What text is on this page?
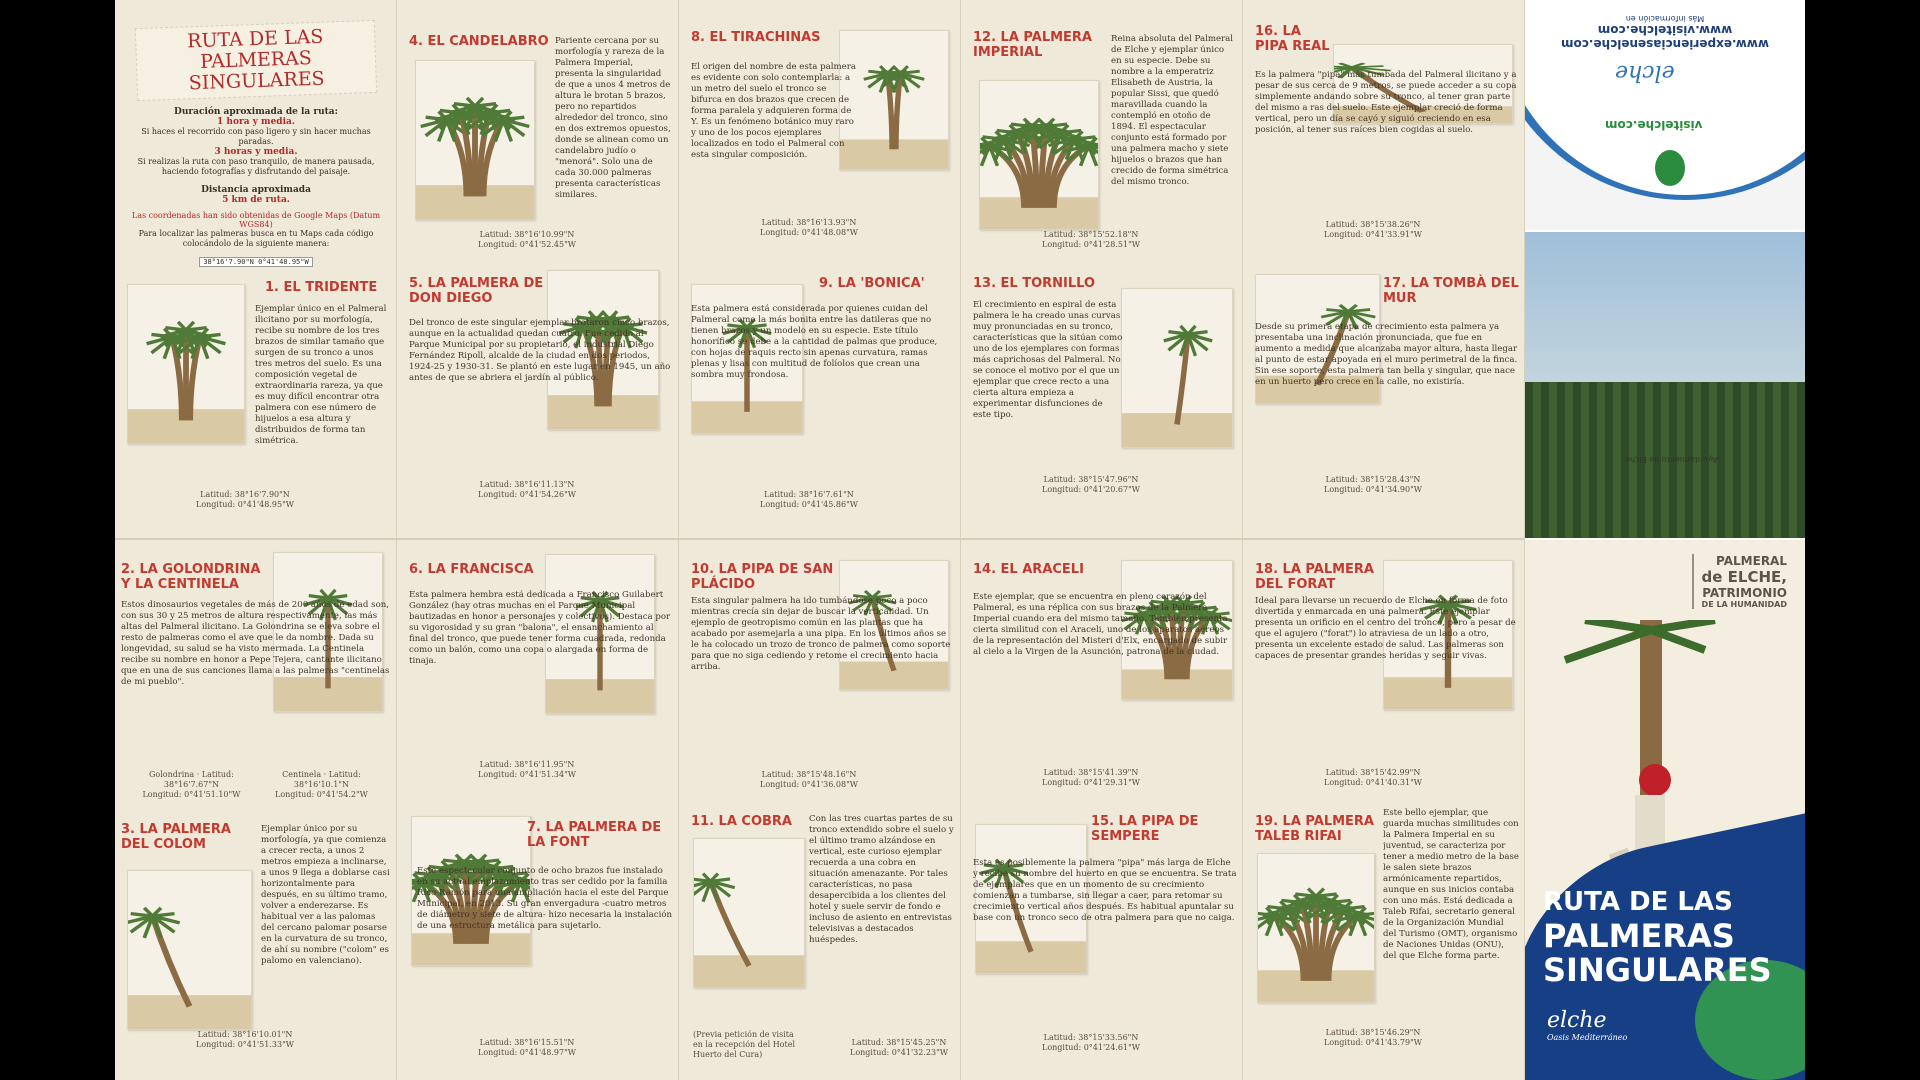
RUTA DE LAS
PALMERAS SINGULARES
Duración aproximada de la ruta:
1 hora y media.
Si haces el recorrido con paso ligero y sin hacer muchas paradas.
3 horas y media.
Si realizas la ruta con paso tranquilo, de manera pausada, haciendo fotografías y disfrutando del paisaje.
Distancia aproximada
5 km de ruta.
Las coordenadas han sido obtenidas de Google Maps (Datum WGS84)
Para localizar las palmeras busca en tu Maps cada código colocándolo de la siguiente manera:
38°16'7.90"N 0°41'48.95"W
1. EL TRIDENTE
Ejemplar único en el Palmeral ilicitano por su morfología, recibe su nombre de los tres brazos de similar tamaño que surgen de su tronco a unos tres metros del suelo. Es una composición vegetal de extraordinaria rareza, ya que es muy difícil encontrar otra palmera con ese número de hijuelos a esa altura y distribuidos de forma tan simétrica.
Latitud: 38°16'7.90"N
Longitud: 0°41'48.95"W
2. LA GOLONDRINA Y LA CENTINELA
Estos dinosaurios vegetales de más de 200 años de edad son, con sus 30 y 25 metros de altura respectivamente, las más altas del Palmeral ilicitano. La Golondrina se eleva sobre el resto de palmeras como el ave que le da nombre. Dada su longevidad, su salud se ha visto mermada. La Centinela recibe su nombre en honor a Pepe Tejera, cantante ilicitano que en una de sus canciones llama a las palmeras "centinelas de mi pueblo".
Golondrina · Latitud: 38°16'7.67"N
Longitud: 0°41'51.10"W
Centinela · Latitud: 38°16'10.1"N
Longitud: 0°41'54.2"W
3. LA PALMERA DEL COLOM
Ejemplar único por su morfología, ya que comienza a crecer recta, a unos 2 metros empieza a inclinarse, a unos 9 llega a doblarse casi horizontalmente para después, en su último tramo, volver a enderezarse. Es habitual ver a las palomas del cercano palomar posarse en la curvatura de su tronco, de ahí su nombre ("colom" es palomo en valenciano).
Latitud: 38°16'10.01"N
Longitud: 0°41'51.33"W
4. EL CANDELABRO Pariente cercana por su morfología y rareza de la Palmera Imperial, presenta la singularidad de que a unos 4 metros de altura le brotan 5 brazos, pero no repartidos alrededor del tronco, sino en dos extremos opuestos, donde se alinean como un candelabro judío o "menorá". Solo una de cada 30.000 palmeras presenta características similares.
Latitud: 38°16'10.99"N
Longitud: 0°41'52.45"W
5. LA PALMERA DE DON DIEGO
Del tronco de este singular ejemplar brotaron cinco brazos, aunque en la actualidad quedan cuatro. Fue cedido al Parque Municipal por su propietario, el industrial Diego Fernández Ripoll, alcalde de la ciudad en dos periodos, 1924-25 y 1930-31. Se plantó en este lugar en 1945, un año antes de que se abriera el jardín al público.
Latitud: 38°16'11.13"N
Longitud: 0°41'54.26"W
6. LA FRANCISCA
Esta palmera hembra está dedicada a Francisco Guilabert González (hay otras muchas en el Parque Municipal bautizadas en honor a personajes y colectivos). Destaca por su vigorosidad y su gran "balona", el ensanchamiento al final del tronco, que puede tener forma cuadrada, redonda como un balón, como una copa o alargada en forma de tinaja.
Latitud: 38°16'11.95"N
Longitud: 0°41'51.34"W
7. LA PALMERA DE LA FONT
Este espectacular conjunto de ocho brazos fue instalado en su actual emplazamiento tras ser cedido por la familia Rico Ramón para una ampliación hacia el este del Parque Municipal, en 2013. Su gran envergadura -cuatro metros de diámetro y siete de altura- hizo necesaria la instalación de una estructura metálica para sujetarlo.
Latitud: 38°16'15.51"N
Longitud: 0°41'48.97"W
8. EL TIRACHINAS
El origen del nombre de esta palmera es evidente con solo contemplarla: a un metro del suelo el tronco se bifurca en dos brazos que crecen de forma paralela y adquieren forma de Y. Es un fenómeno botánico muy raro y uno de los pocos ejemplares localizados en todo el Palmeral con esta singular composición.
Latitud: 38°16'13.93"N
Longitud: 0°41'48.08"W
9. LA 'BONICA'
Esta palmera está considerada por quienes cuidan del Palmeral como la más bonita entre las datileras que no tienen brazos y un modelo en su especie. Este título honorífico se debe a la cantidad de palmas que produce, con hojas de raquis recto sin apenas curvatura, ramas plenas y lisas con multitud de folíolos que crean una sombra muy frondosa.
Latitud: 38°16'7.61"N
Longitud: 0°41'45.86"W
10. LA PIPA DE SAN PLÁCIDO
Esta singular palmera ha ido tumbándose poco a poco mientras crecía sin dejar de buscar la verticalidad. Un ejemplo de geotropismo común en las plantas que ha acabado por asemejarla a una pipa. En los últimos años se le ha colocado un trozo de tronco de palmera como soporte para que no siga cediendo y retome el crecimiento hacia arriba.
Latitud: 38°15'48.16"N
Longitud: 0°41'36.08"W
11. LA COBRA	Con las tres cuartas partes de su tronco extendido sobre el suelo y el último tramo alzándose en vertical, este curioso ejemplar recuerda a una cobra en situación amenazante. Por tales características, no pasa desapercibida a los clientes del hotel y suele servir de fondo e incluso de asiento en entrevistas televisivas a destacados huéspedes.
(Previa petición de visita en la recepción del Hotel Huerto del Cura)
Latitud: 38°15'45.25"N
Longitud: 0°41'32.23"W
12. LA PALMERA IMPERIAL
Reina absoluta del Palmeral de Elche y ejemplar único en su especie. Debe su nombre a la emperatriz Elisabeth de Austria, la popular Sissi, que quedó maravillada cuando la contempló en otoño de 1894. El espectacular conjunto está formado por una palmera macho y siete hijuelos o brazos que han crecido de forma simétrica del mismo tronco.
Latitud: 38°15'52.18"N
Longitud: 0°41'28.51"W
13. EL TORNILLO
El crecimiento en espiral de esta palmera le ha creado unas curvas muy pronunciadas en su tronco, características que la sitúan como uno de los ejemplares con formas más caprichosas del Palmeral. No se conoce el motivo por el que un ejemplar que crece recto a una cierta altura empieza a experimentar disfunciones de este tipo.
Latitud: 38°15'47.96"N
Longitud: 0°41'20.67"W
14. EL ARACELI
Este ejemplar, que se encuentra en pleno corazón del Palmeral, es una réplica con sus brazos de la Palmera Imperial cuando era del mismo tamaño. También presenta cierta similitud con el Araceli, uno de los aparatos aéreos de la representación del Misteri d'Elx, encargado de subir al cielo a la Virgen de la Asunción, patrona de la ciudad.
Latitud: 38°15'41.39"N
Longitud: 0°41'29.31"W
15. LA PIPA DE SEMPERE
Esta es posiblemente la palmera "pipa" más larga de Elche y recibe su nombre del huerto en que se encuentra. Se trata de ejemplares que en un momento de su crecimiento comienzan a tumbarse, sin llegar a caer, para retomar su crecimiento vertical años después. Es habitual apuntalar su base con un tronco seco de otra palmera para que no caiga.
Latitud: 38°15'33.56"N
Longitud: 0°41'24.61"W
16. LA PIPA REAL
Es la palmera "pipa" más tumbada del Palmeral ilicitano y a pesar de sus cerca de 9 metros, se puede acceder a su copa simplemente andando sobre su tronco, al tener gran parte del mismo a ras del suelo. Este ejemplar creció de forma vertical, pero un día se cayó y siguió creciendo en esa posición, al tener sus raíces bien cogidas al suelo.
Latitud: 38°15'38.26"N
Longitud: 0°41'33.91"W
17. LA TOMBÀ DEL MUR
Desde su primera etapa de crecimiento esta palmera ya presentaba una inclinación pronunciada, que fue en aumento a medida que alcanzaba mayor altura, hasta llegar al punto de estar apoyada en el muro perimetral de la finca. Sin ese soporte, esta palmera tan bella y singular, que nace en un huerto pero crece en la calle, no existiría.
Latitud: 38°15'28.43"N
Longitud: 0°41'34.90"W
18. LA PALMERA DEL FORAT
Ideal para llevarse un recuerdo de Elche en forma de foto divertida y enmarcada en una palmera. Este ejemplar presenta un orificio en el centro del tronco, pero a pesar de que el agujero ("forat") lo atraviesa de un lado a otro, presenta un excelente estado de salud. Las palmeras son capaces de presentar grandes heridas y seguir vivas.
Latitud: 38°15'42.99"N
Longitud: 0°41'40.31"W
19. LA PALMERA TALEB RIFAI
Este bello ejemplar, que guarda muchas similitudes con la Palmera Imperial en su juventud, se caracteriza por tener a medio metro de la base le salen siete brazos armónicamente repartidos, aunque en sus inicios contaba con uno más. Está dedicada a Taleb Rifai, secretario general de la Organización Mundial del Turismo (OMT), organismo de Naciones Unidas (ONU), del que Elche forma parte.
Latitud: 38°15'46.29"N
Longitud: 0°41'43.79"W
www.experienciasenelche.com
www.visitelche.com
Más información en
elche
visitelche.com
Ayuntamiento de Elche
PALMERAL
de ELCHE,
PATRIMONIO
DE LA HUMANIDAD
RUTA DE LAS
PALMERAS
SINGULARES
elche
Oasis Mediterráneo
